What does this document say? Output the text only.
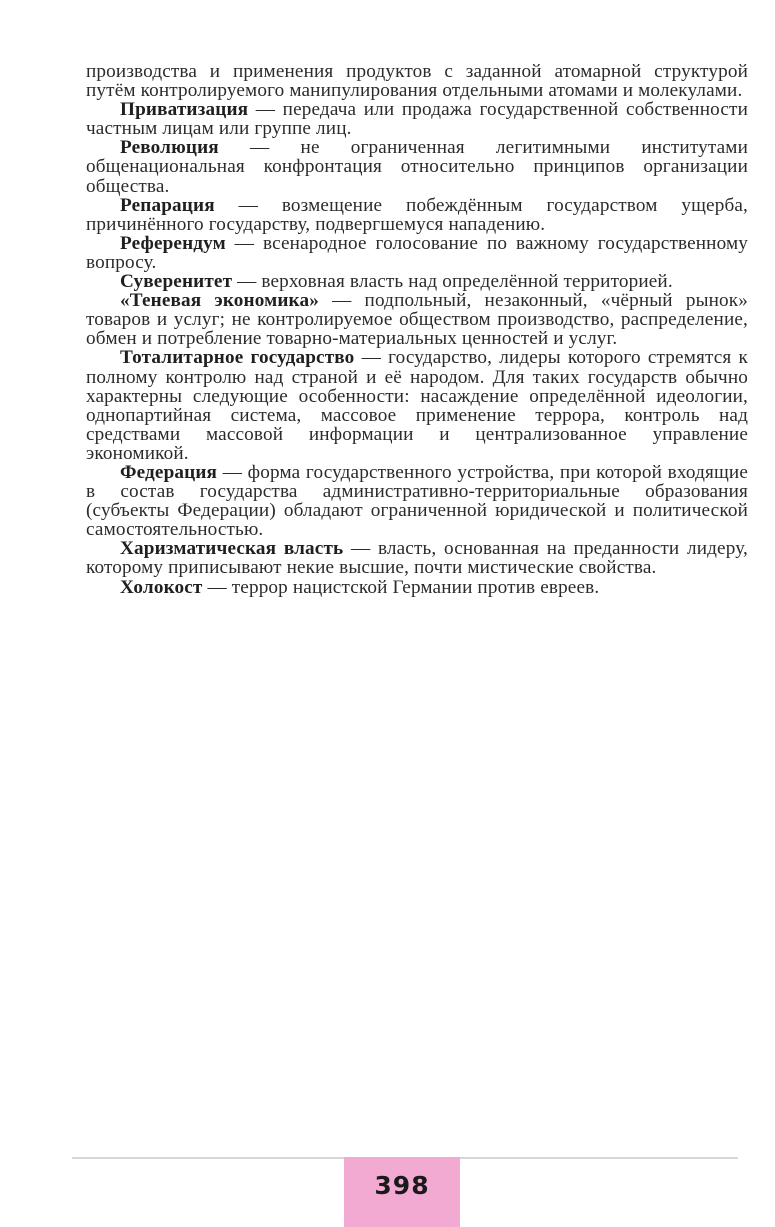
производства и применения продуктов с заданной атомарной структурой путём контролируемого манипулирования отдельными атомами и молекулами.

Приватизация — передача или продажа государственной собственности частным лицам или группе лиц.

Революция — не ограниченная легитимными институтами общенациональная конфронтация относительно принципов организации общества.

Репарация — возмещение побеждённым государством ущерба, причинённого государству, подвергшемуся нападению.

Референдум — всенародное голосование по важному государственному вопросу.

Суверенитет — верховная власть над определённой территорией.

«Теневая экономика» — подпольный, незаконный, «чёрный рынок» товаров и услуг; не контролируемое обществом производство, распределение, обмен и потребление товарно-материальных ценностей и услуг.

Тоталитарное государство — государство, лидеры которого стремятся к полному контролю над страной и её народом. Для таких государств обычно характерны следующие особенности: насаждение определённой идеологии, однопартийная система, массовое применение террора, контроль над средствами массовой информации и централизованное управление экономикой.

Федерация — форма государственного устройства, при которой входящие в состав государства административно-территориальные образования (субъекты Федерации) обладают ограниченной юридической и политической самостоятельностью.

Харизматическая власть — власть, основанная на преданности лидеру, которому приписывают некие высшие, почти мистические свойства.

Холокост — террор нацистской Германии против евреев.

398
